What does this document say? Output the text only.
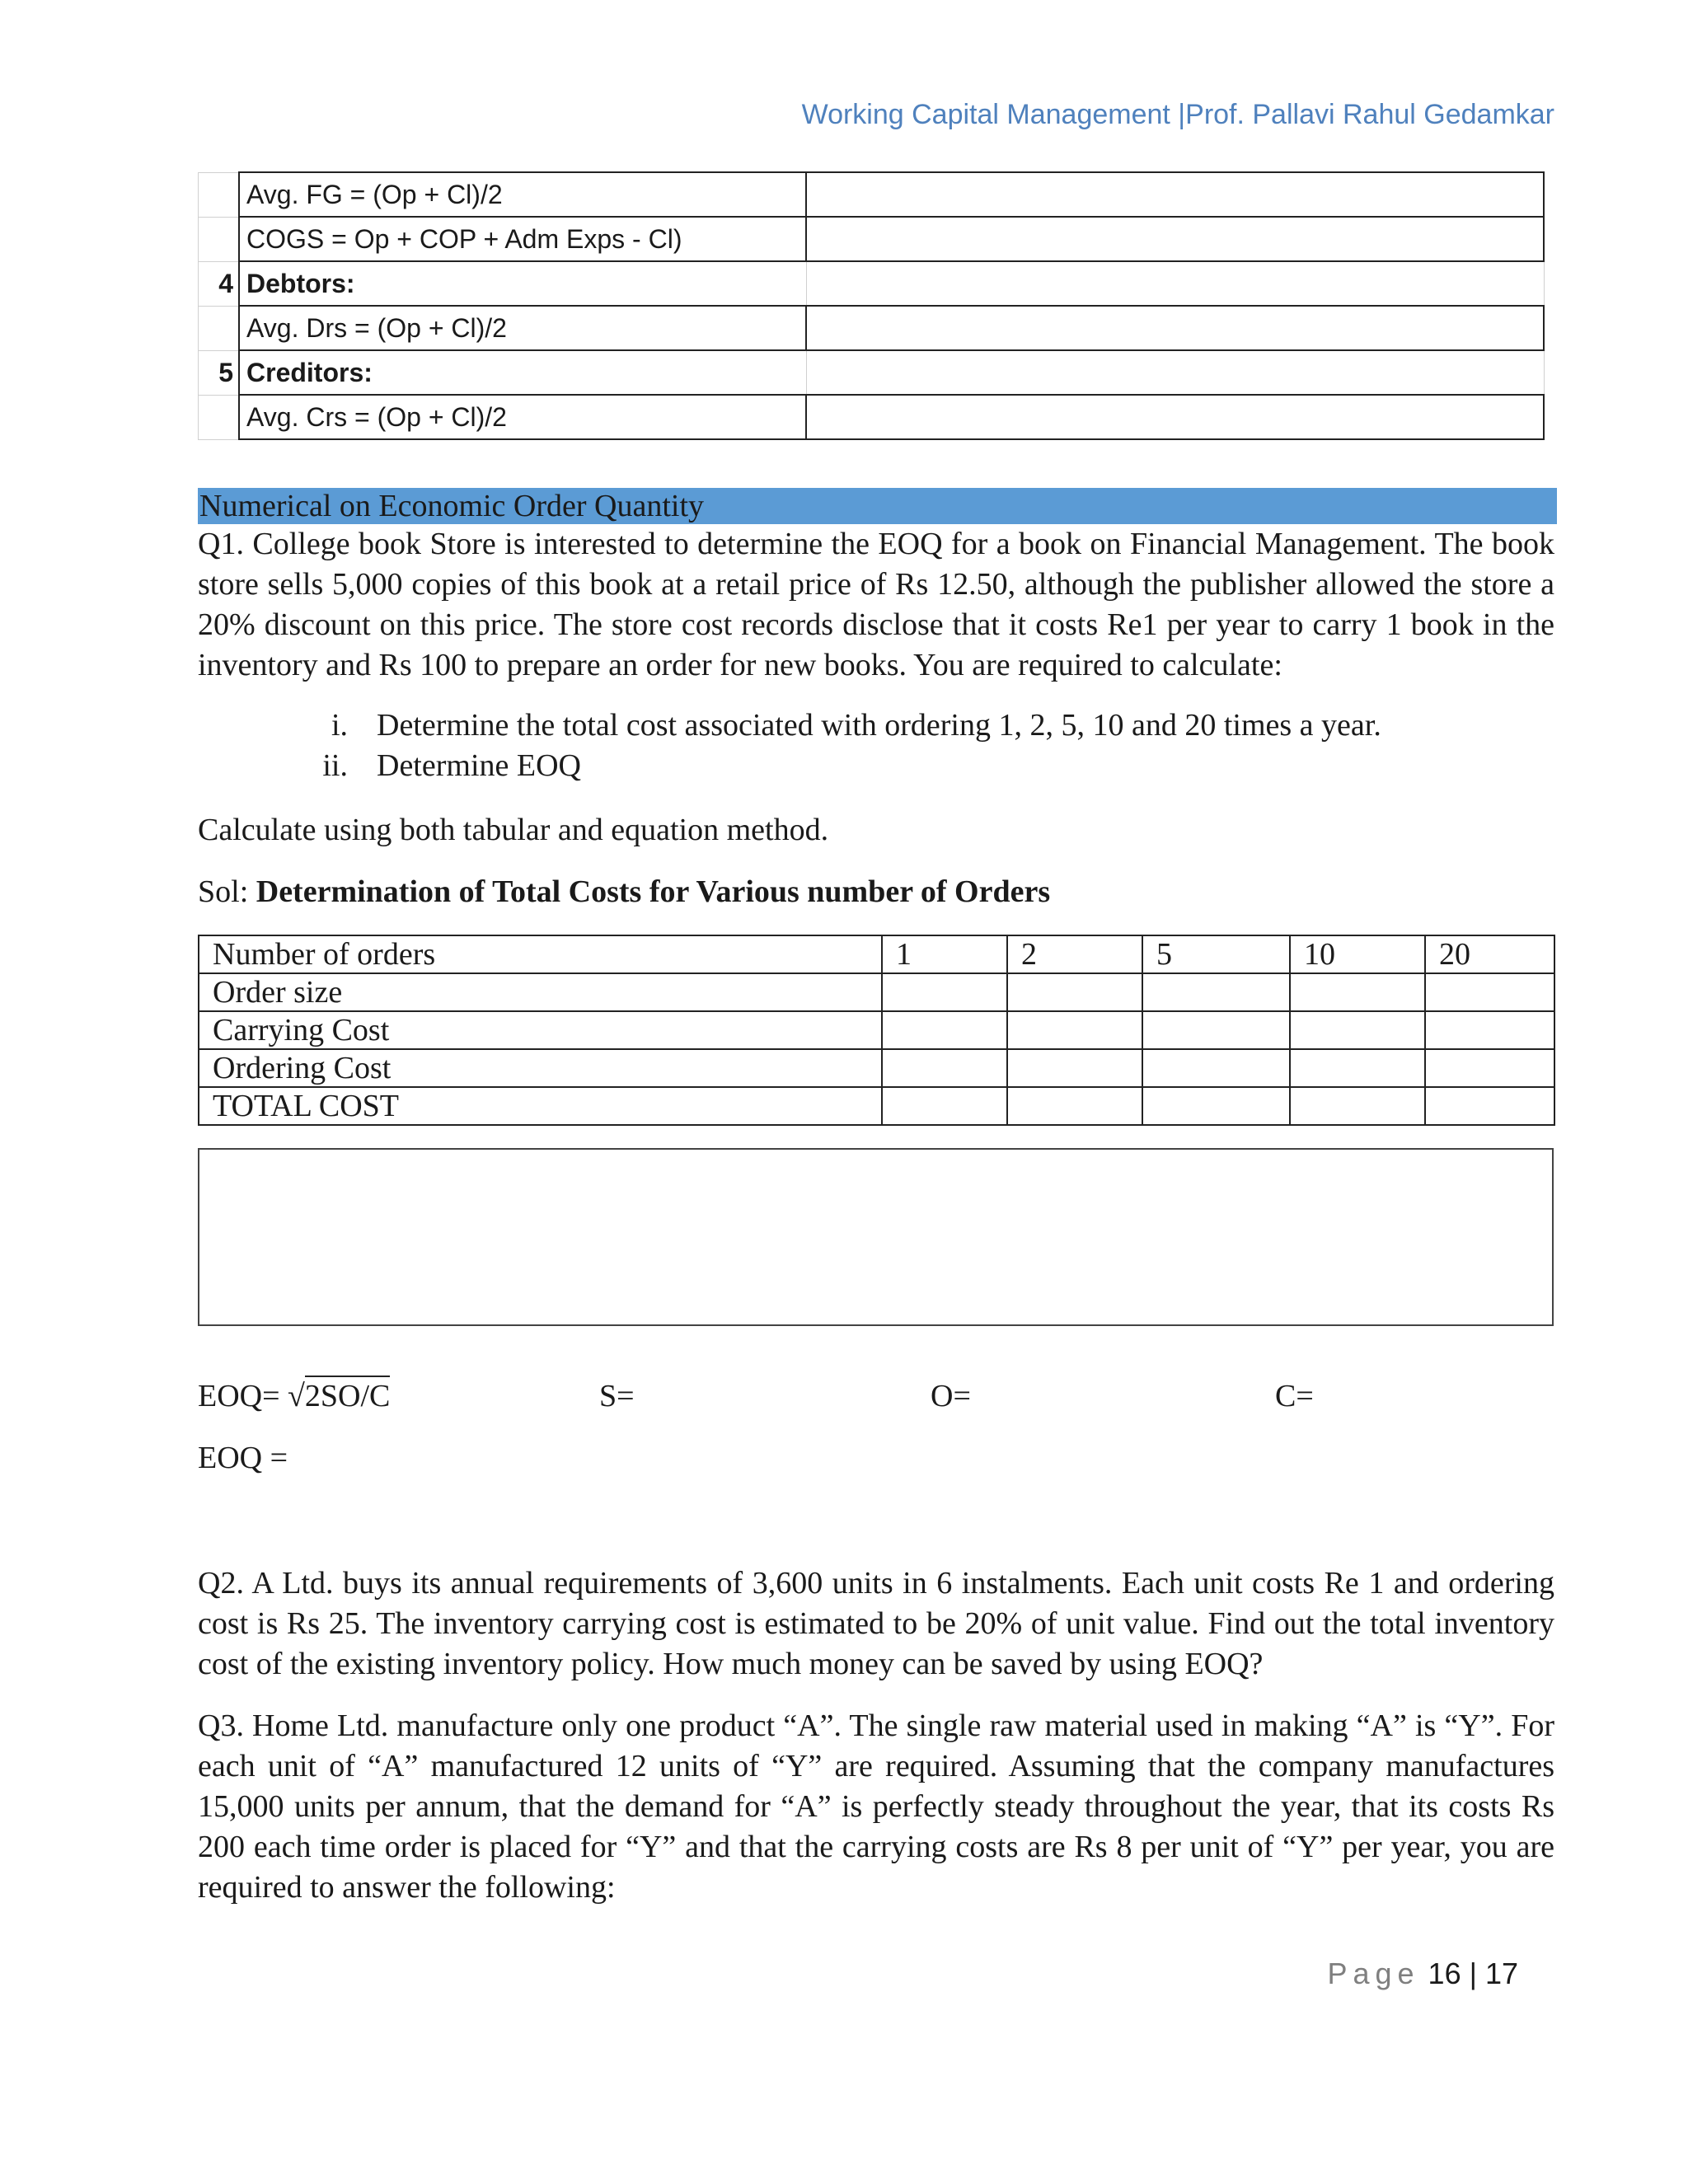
Working Capital Management |Prof. Pallavi Rahul Gedamkar
	Avg. FG = (Op + Cl)/2	
	COGS = Op + COP + Adm Exps - Cl)	
4	Debtors:	
	Avg. Drs = (Op + Cl)/2	
5	Creditors:	
	Avg. Crs = (Op + Cl)/2	
Numerical on Economic Order Quantity
Q1. College book Store is interested to determine the EOQ for a book on Financial Management. The book store sells 5,000 copies of this book at a retail price of Rs 12.50, although the publisher allowed the store a 20% discount on this price. The store cost records disclose that it costs Re1 per year to carry 1 book in the inventory and Rs 100 to prepare an order for new books. You are required to calculate:
i. Determine the total cost associated with ordering 1, 2, 5, 10 and 20 times a year.
ii. Determine EOQ
Calculate using both tabular and equation method.
Sol: Determination of Total Costs for Various number of Orders
Number of orders	1	2	5	10	20
Order size					
Carrying Cost					
Ordering Cost					
TOTAL COST					
EOQ= √2SO/C	S=	O=	C=
EOQ =
Q2. A Ltd. buys its annual requirements of 3,600 units in 6 instalments. Each unit costs Re 1 and ordering cost is Rs 25. The inventory carrying cost is estimated to be 20% of unit value. Find out the total inventory cost of the existing inventory policy. How much money can be saved by using EOQ?
Q3. Home Ltd. manufacture only one product “A”. The single raw material used in making “A” is “Y”. For each unit of “A” manufactured 12 units of “Y” are required. Assuming that the company manufactures 15,000 units per annum, that the demand for “A” is perfectly steady throughout the year, that its costs Rs 200 each time order is placed for “Y” and that the carrying costs are Rs 8 per unit of “Y” per year, you are required to answer the following:
Page 16 | 17
